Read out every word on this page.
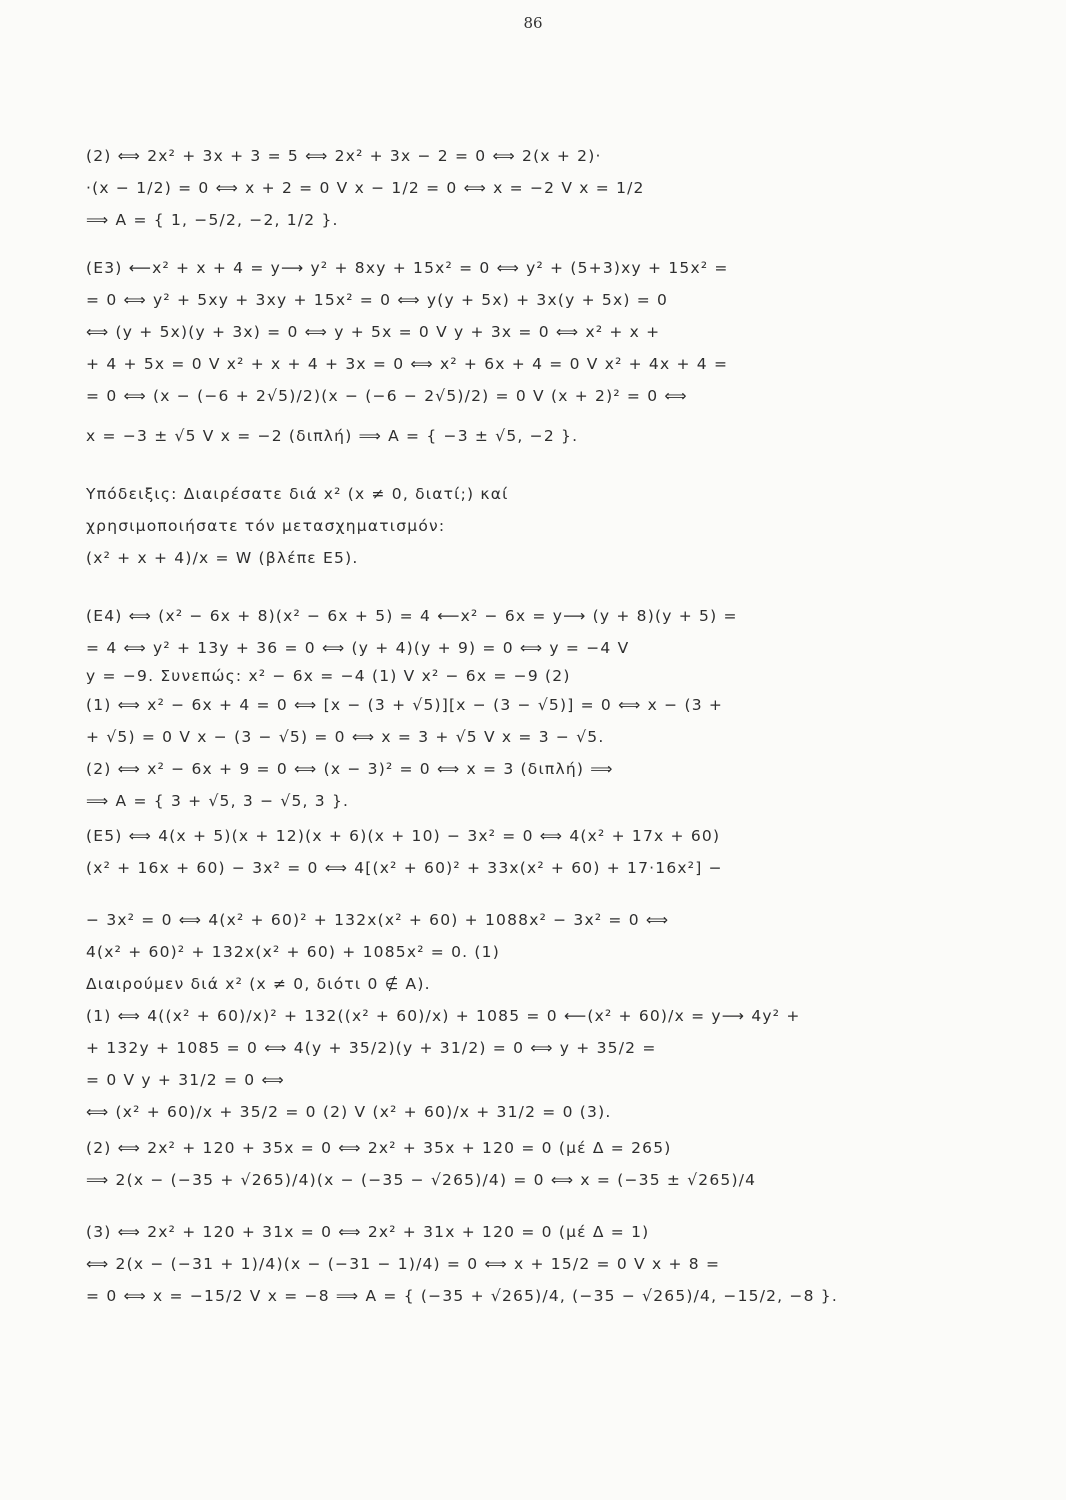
86
(2) ⟺ 2x² + 3x + 3 = 5 ⟺ 2x² + 3x − 2 = 0 ⟺ 2(x + 2)·
·(x − 1/2) = 0 ⟺ x + 2 = 0 V x − 1/2 = 0 ⟺ x = −2 V x = 1/2
⟹ A = { 1, −5/2, −2, 1/2 }.
(E3) ⟵x² + x + 4 = y⟶ y² + 8xy + 15x² = 0 ⟺ y² + (5+3)xy + 15x² =
= 0 ⟺ y² + 5xy + 3xy + 15x² = 0 ⟺ y(y + 5x) + 3x(y + 5x) = 0
⟺ (y + 5x)(y + 3x) = 0 ⟺ y + 5x = 0 V y + 3x = 0 ⟺ x² + x +
+ 4 + 5x = 0 V x² + x + 4 + 3x = 0 ⟺ x² + 6x + 4 = 0 V x² + 4x + 4 =
= 0 ⟺ (x − (−6 + 2√5)/2)(x − (−6 − 2√5)/2) = 0 V (x + 2)² = 0 ⟺
x = −3 ± √5 V x = −2 (διπλή) ⟹ A = { −3 ± √5, −2 }.
Υπόδειξις: Διαιρέσατε διά x² (x ≠ 0, διατί;) καί
χρησιμοποιήσατε τόν μετασχηματισμόν:
(x² + x + 4)/x = W (βλέπε E5).
(E4) ⟺ (x² − 6x + 8)(x² − 6x + 5) = 4 ⟵x² − 6x = y⟶ (y + 8)(y + 5) =
= 4 ⟺ y² + 13y + 36 = 0 ⟺ (y + 4)(y + 9) = 0 ⟺ y = −4 V
y = −9. Συνεπώς: x² − 6x = −4 (1) V x² − 6x = −9 (2)
(1) ⟺ x² − 6x + 4 = 0 ⟺ [x − (3 + √5)][x − (3 − √5)] = 0 ⟺ x − (3 +
+ √5) = 0 V x − (3 − √5) = 0 ⟺ x = 3 + √5 V x = 3 − √5.
(2) ⟺ x² − 6x + 9 = 0 ⟺ (x − 3)² = 0 ⟺ x = 3 (διπλή) ⟹
⟹ A = { 3 + √5, 3 − √5, 3 }.
(E5) ⟺ 4(x + 5)(x + 12)(x + 6)(x + 10) − 3x² = 0 ⟺ 4(x² + 17x + 60)
(x² + 16x + 60) − 3x² = 0 ⟺ 4[(x² + 60)² + 33x(x² + 60) + 17·16x²] −
− 3x² = 0 ⟺ 4(x² + 60)² + 132x(x² + 60) + 1088x² − 3x² = 0 ⟺
4(x² + 60)² + 132x(x² + 60) + 1085x² = 0. (1)
Διαιρούμεν διά x² (x ≠ 0, διότι 0 ∉ A).
(1) ⟺ 4((x² + 60)/x)² + 132((x² + 60)/x) + 1085 = 0 ⟵(x² + 60)/x = y⟶ 4y² +
+ 132y + 1085 = 0 ⟺ 4(y + 35/2)(y + 31/2) = 0 ⟺ y + 35/2 =
= 0 V y + 31/2 = 0 ⟺
⟺ (x² + 60)/x + 35/2 = 0 (2) V (x² + 60)/x + 31/2 = 0 (3).
(2) ⟺ 2x² + 120 + 35x = 0 ⟺ 2x² + 35x + 120 = 0 (μέ Δ = 265)
⟹ 2(x − (−35 + √265)/4)(x − (−35 − √265)/4) = 0 ⟺ x = (−35 ± √265)/4
(3) ⟺ 2x² + 120 + 31x = 0 ⟺ 2x² + 31x + 120 = 0 (μέ Δ = 1)
⟺ 2(x − (−31 + 1)/4)(x − (−31 − 1)/4) = 0 ⟺ x + 15/2 = 0 V x + 8 =
= 0 ⟺ x = −15/2 V x = −8 ⟹ A = { (−35 + √265)/4, (−35 − √265)/4, −15/2, −8 }.
